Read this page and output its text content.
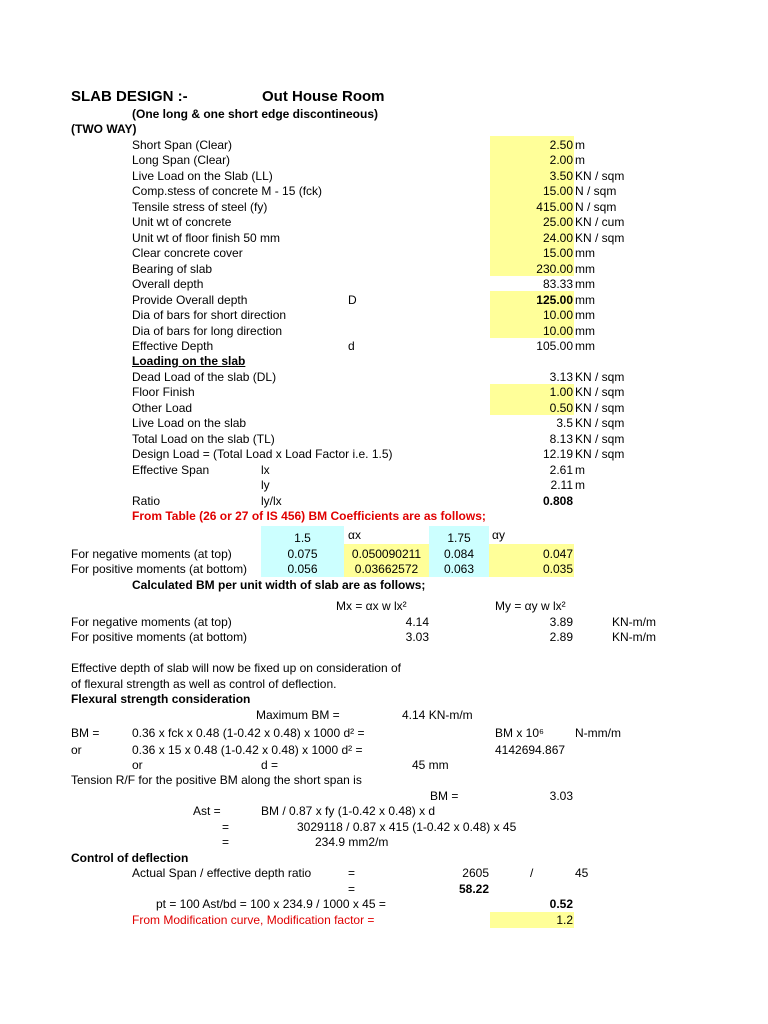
SLAB DESIGN :-	Out House Room
(One long & one short edge discontineous)
(TWO WAY)
Short Span (Clear)	2.50 m
Long Span (Clear)	2.00 m
Live Load on the Slab (LL)	3.50 KN / sqm
Comp.stess of concrete M - 15 (fck)	15.00 N / sqm
Tensile stress of steel (fy)	415.00 N / sqm
Unit wt of concrete	25.00 KN / cum
Unit wt of floor finish 50 mm	24.00 KN / sqm
Clear concrete cover	15.00 mm
Bearing of slab	230.00 mm
Overall depth	83.33 mm
Provide Overall depth	D	125.00 mm
Dia of bars for short direction	10.00 mm
Dia of bars for long direction	10.00 mm
Effective Depth	d	105.00 mm
Loading on the slab
Dead Load of the slab (DL)	3.13 KN / sqm
Floor Finish	1.00 KN / sqm
Other Load	0.50 KN / sqm
Live Load on the slab	3.5 KN / sqm
Total Load on the slab (TL)	8.13 KN / sqm
Design Load = (Total Load x Load Factor i.e. 1.5)	12.19 KN / sqm
Effective Span	lx	2.61 m
ly	2.11 m
Ratio	ly/lx	0.808
From Table (26 or 27 of IS 456) BM Coefficients are as follows;
1.5	αx	1.75	αy
For negative moments (at top)	0.075	0.050090211	0.084	0.047
For positive moments (at bottom)	0.056	0.03662572	0.063	0.035
Calculated BM per unit width of slab are as follows;
Mx = αx w lx²	My = αy w lx²
For negative moments (at top)	4.14	3.89	KN-m/m
For positive moments (at bottom)	3.03	2.89	KN-m/m
Effective depth of slab will now be fixed up on consideration of
of flexural strength as well as control of deflection.
Flexural strength consideration
Maximum BM =	4.14 KN-m/m
BM =	0.36 x fck x 0.48 (1-0.42 x 0.48) x 1000 d² =	BM x 10⁶	N-mm/m
or	0.36 x 15 x 0.48 (1-0.42 x 0.48) x 1000 d² =	4142694.867
or	d =	45 mm
Tension R/F for the positive BM along the short span is
BM =	3.03
Ast =	BM / 0.87 x fy (1-0.42 x 0.48) x d
=	3029118 / 0.87 x 415 (1-0.42 x 0.48) x 45
=	234.9 mm2/m
Control of deflection
Actual Span / effective depth ratio	=	2605	/	45
=	58.22
pt = 100 Ast/bd = 100 x 234.9 / 1000 x 45 =	0.52
From Modification curve, Modification factor =	1.2
